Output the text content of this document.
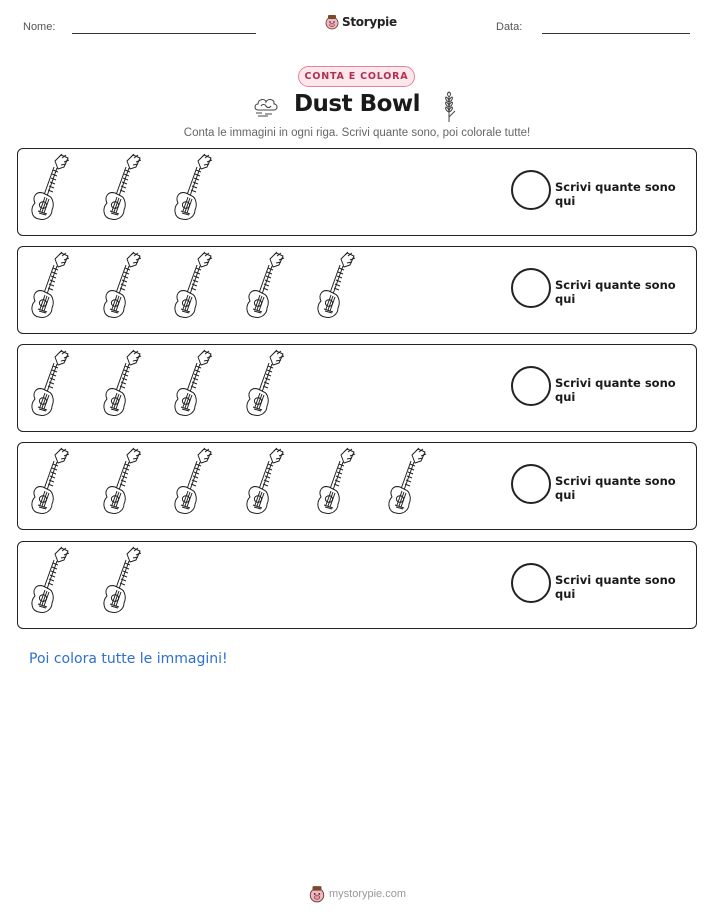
Nome:	Storypie	Data:
CONTA E COLORA
Dust Bowl
Conta le immagini in ogni riga. Scrivi quante sono, poi colorale tutte!
Scrivi quante sono qui
Scrivi quante sono qui
Scrivi quante sono qui
Scrivi quante sono qui
Scrivi quante sono qui
Poi colora tutte le immagini!
mystorypie.com
